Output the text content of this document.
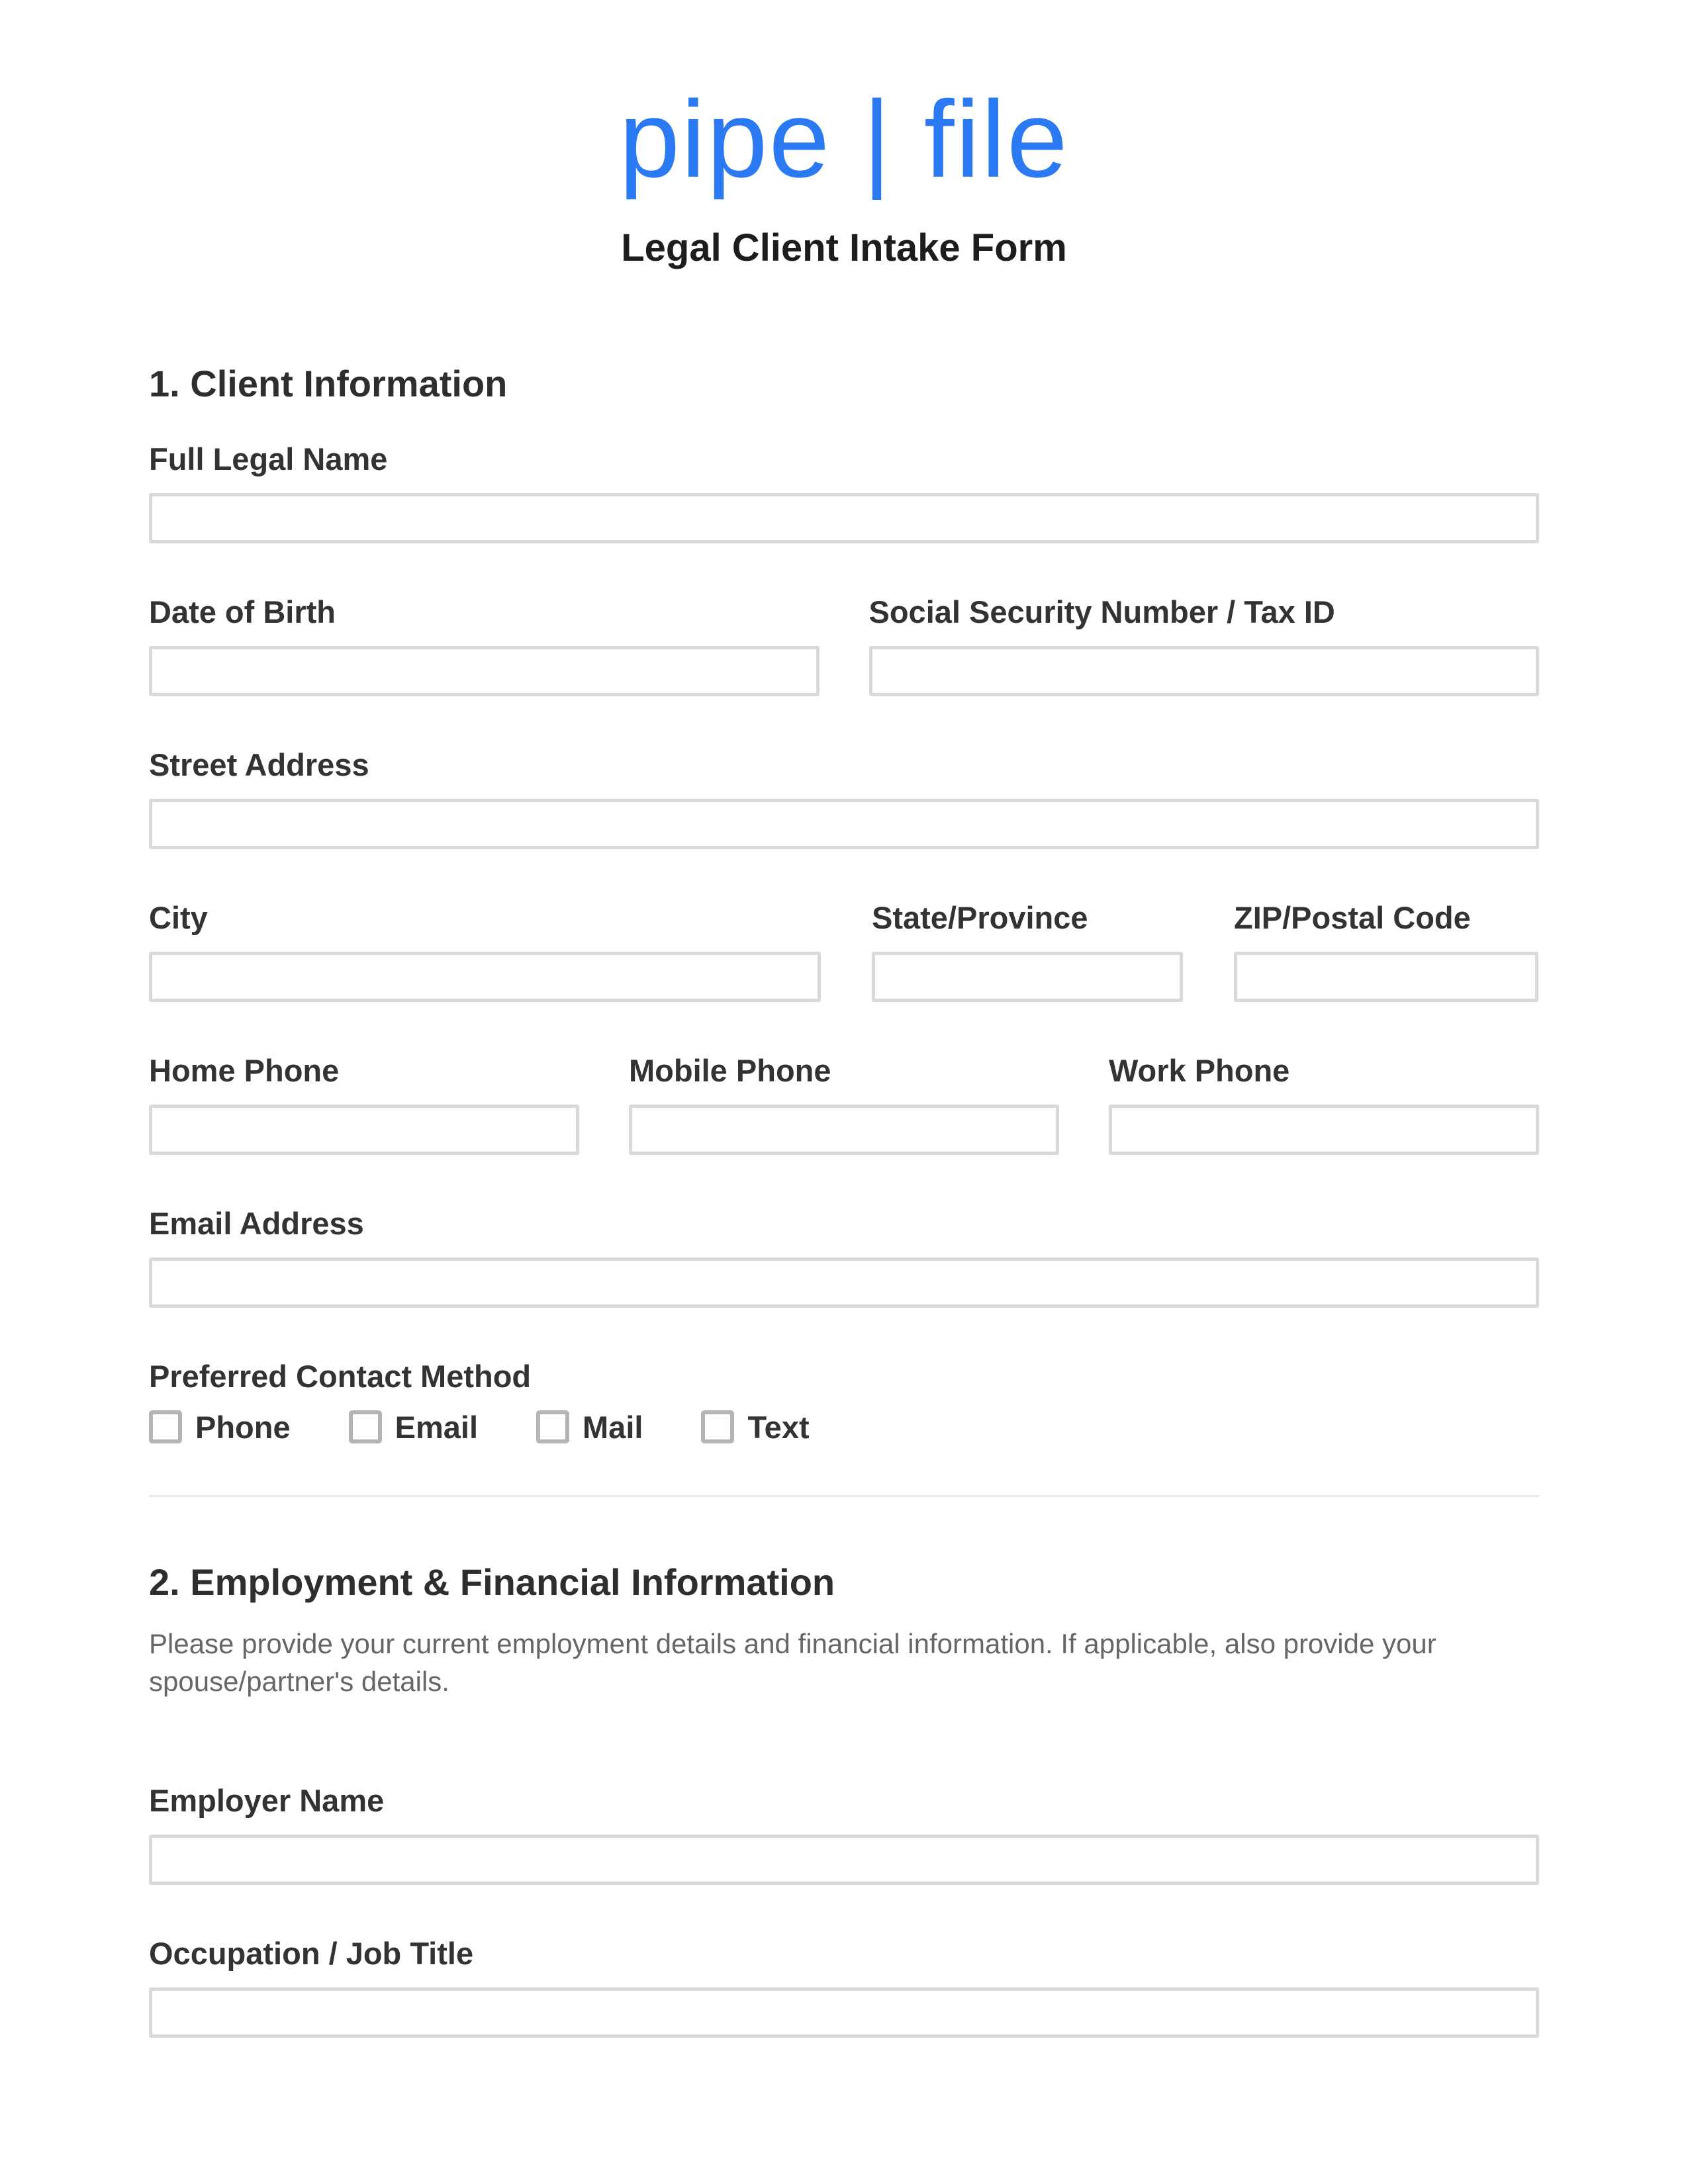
pipe | file
Legal Client Intake Form
1. Client Information
Full Legal Name
Date of Birth	Social Security Number / Tax ID
Street Address
City	State/Province	ZIP/Postal Code
Home Phone	Mobile Phone	Work Phone
Email Address
Preferred Contact Method
Phone	Email	Mail	Text
2. Employment & Financial Information

Please provide your current employment details and financial information. If applicable, also provide your spouse/partner's details.

Employer Name
Occupation / Job Title
